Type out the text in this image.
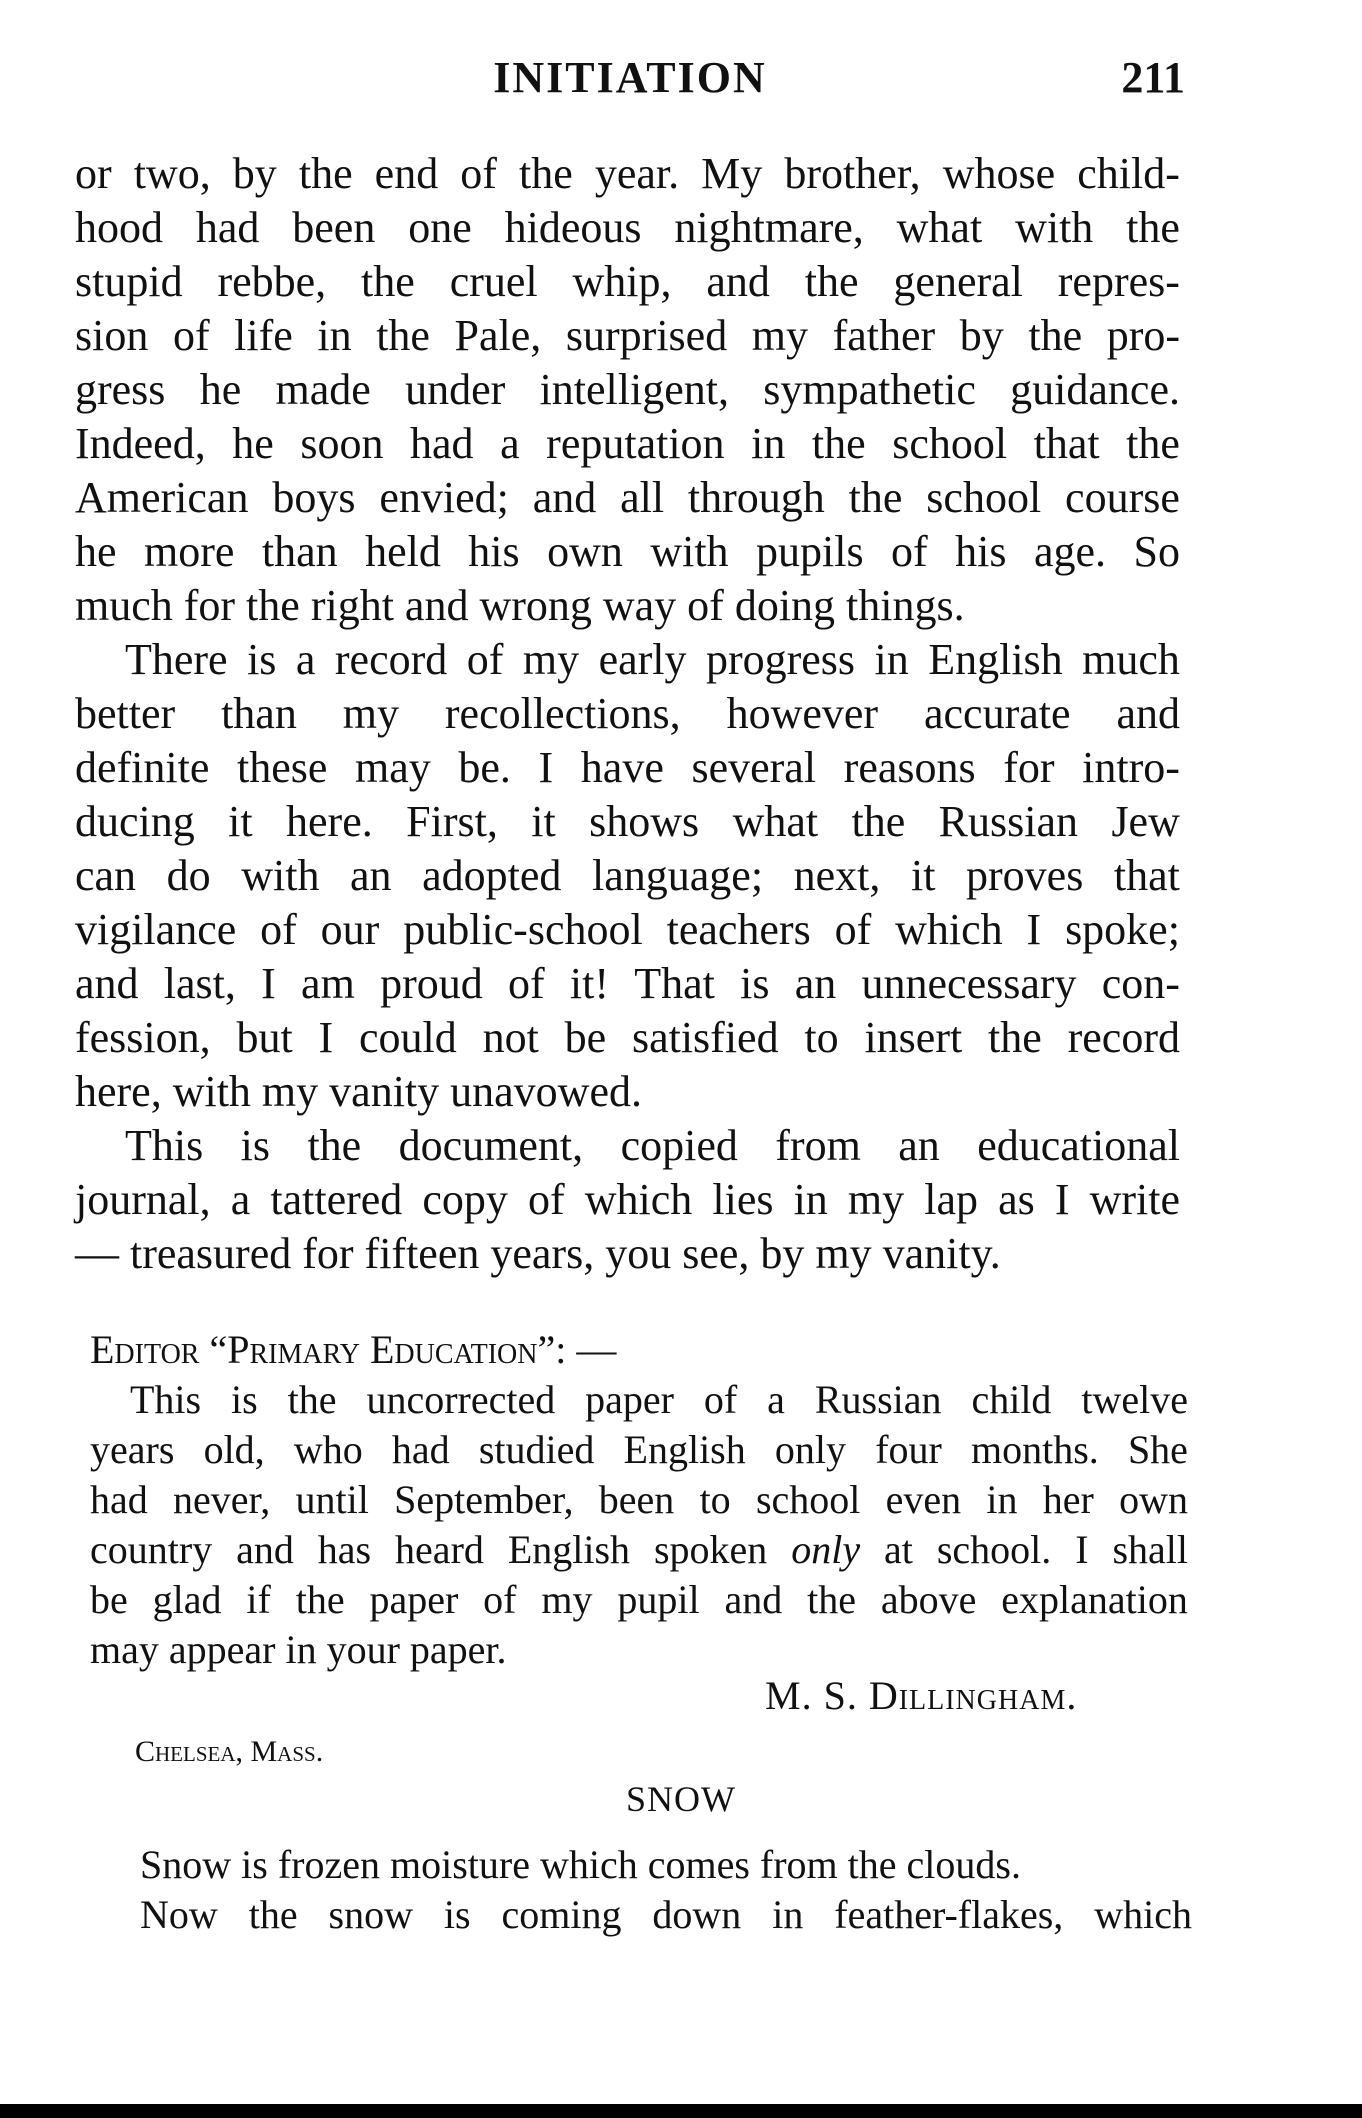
INITIATION	211
or two, by the end of the year. My brother, whose child-
hood had been one hideous nightmare, what with the
stupid rebbe, the cruel whip, and the general repres-
sion of life in the Pale, surprised my father by the pro-
gress he made under intelligent, sympathetic guidance.
Indeed, he soon had a reputation in the school that the
American boys envied; and all through the school course
he more than held his own with pupils of his age. So
much for the right and wrong way of doing things.
There is a record of my early progress in English much
better than my recollections, however accurate and
definite these may be. I have several reasons for intro-
ducing it here. First, it shows what the Russian Jew
can do with an adopted language; next, it proves that
vigilance of our public-school teachers of which I spoke;
and last, I am proud of it! That is an unnecessary con-
fession, but I could not be satisfied to insert the record
here, with my vanity unavowed.
This is the document, copied from an educational
journal, a tattered copy of which lies in my lap as I write
— treasured for fifteen years, you see, by my vanity.
Editor “Primary Education”: —
This is the uncorrected paper of a Russian child twelve
years old, who had studied English only four months. She
had never, until September, been to school even in her own
country and has heard English spoken only at school. I shall
be glad if the paper of my pupil and the above explanation
may appear in your paper.
M. S. Dillingham.
Chelsea, Mass.
SNOW
Snow is frozen moisture which comes from the clouds.
Now the snow is coming down in feather-flakes, which
